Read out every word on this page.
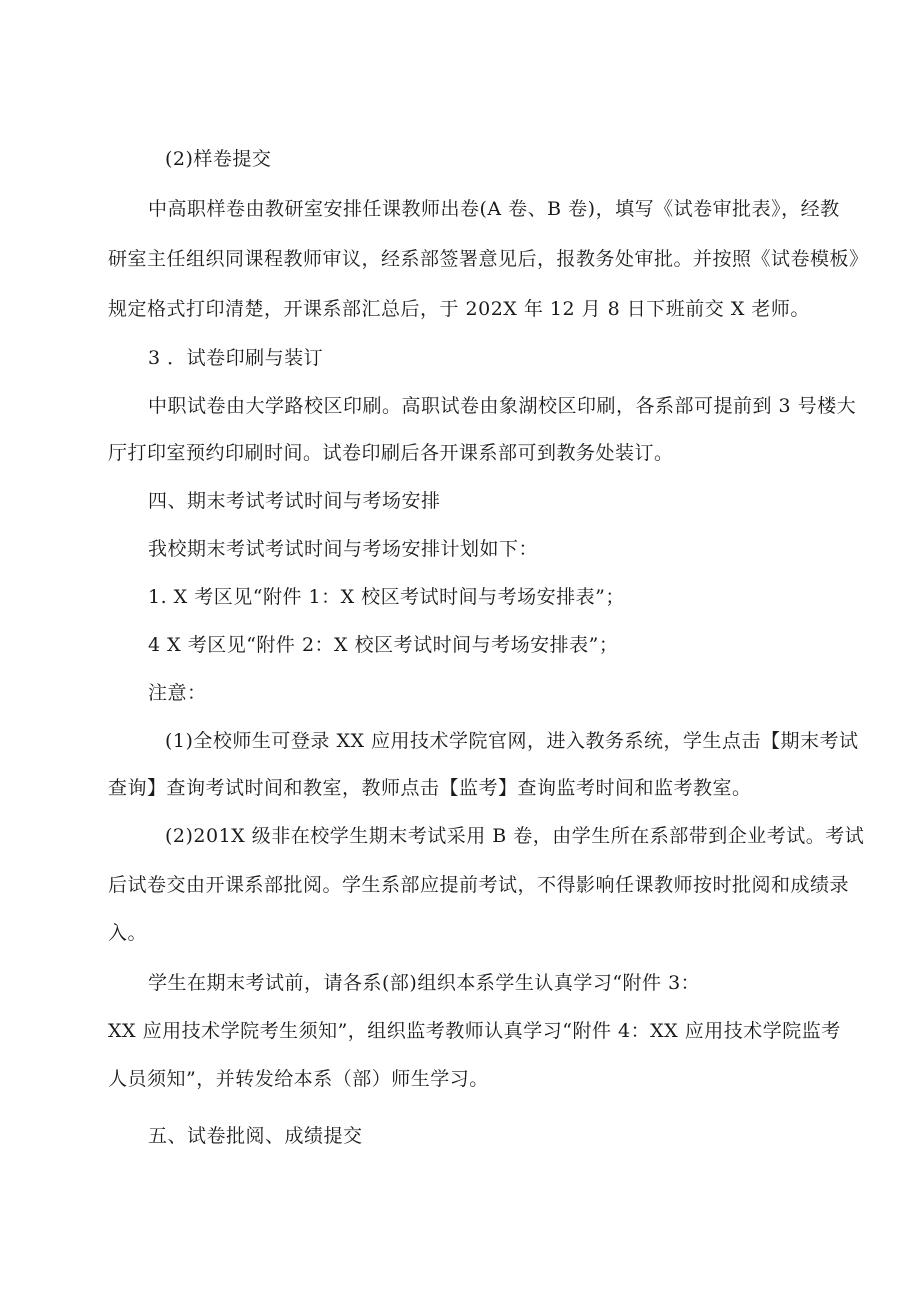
(2)样卷提交

中高职样卷由教研室安排任课教师出卷(A 卷、B 卷)，填写《试卷审批表》，经教

研室主任组织同课程教师审议，经系部签署意见后，报教务处审批。并按照《试卷模板》

规定格式打印清楚，开课系部汇总后，于 202X 年 12 月 8 日下班前交 X 老师。

3 ．试卷印刷与装订

中职试卷由大学路校区印刷。高职试卷由象湖校区印刷，各系部可提前到 3 号楼大

厅打印室预约印刷时间。试卷印刷后各开课系部可到教务处装订。

四、期末考试考试时间与考场安排

我校期末考试考试时间与考场安排计划如下：

1. X 考区见“附件 1：X 校区考试时间与考场安排表”；

4 X 考区见“附件 2：X 校区考试时间与考场安排表”；

注意：

(1)全校师生可登录 XX 应用技术学院官网，进入教务系统，学生点击【期末考试

查询】查询考试时间和教室，教师点击【监考】查询监考时间和监考教室。

(2)201X 级非在校学生期末考试采用 B 卷，由学生所在系部带到企业考试。考试

后试卷交由开课系部批阅。学生系部应提前考试，不得影响任课教师按时批阅和成绩录

入。

学生在期末考试前，请各系(部)组织本系学生认真学习“附件 3：

XX 应用技术学院考生须知”，组织监考教师认真学习“附件 4：XX 应用技术学院监考

人员须知”，并转发给本系（部）师生学习。

五、试卷批阅、成绩提交
